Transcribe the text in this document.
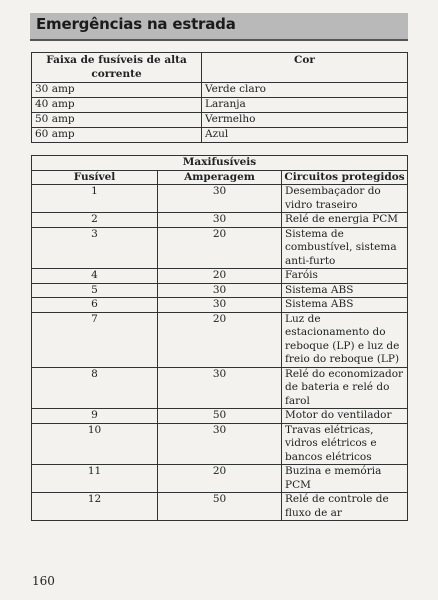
Emergências na estrada
Faixa de fusíveis de alta corrente	Cor
30 amp	Verde claro
40 amp	Laranja
50 amp	Vermelho
60 amp	Azul
Maxifusíveis		
Fusível	Amperagem	Circuitos protegidos
1	30	Desembaçador do vidro traseiro
2	30	Relé de energia PCM
3	20	Sistema de combustível, sistema anti-furto
4	20	Faróis
5	30	Sistema ABS
6	30	Sistema ABS
7	20	Luz de estacionamento do reboque (LP) e luz de freio do reboque (LP)
8	30	Relé do economizador de bateria e relé do farol
9	50	Motor do ventilador
10	30	Travas elétricas, vidros elétricos e bancos elétricos
11	20	Buzina e memória PCM
12	50	Relé de controle de fluxo de ar
160
